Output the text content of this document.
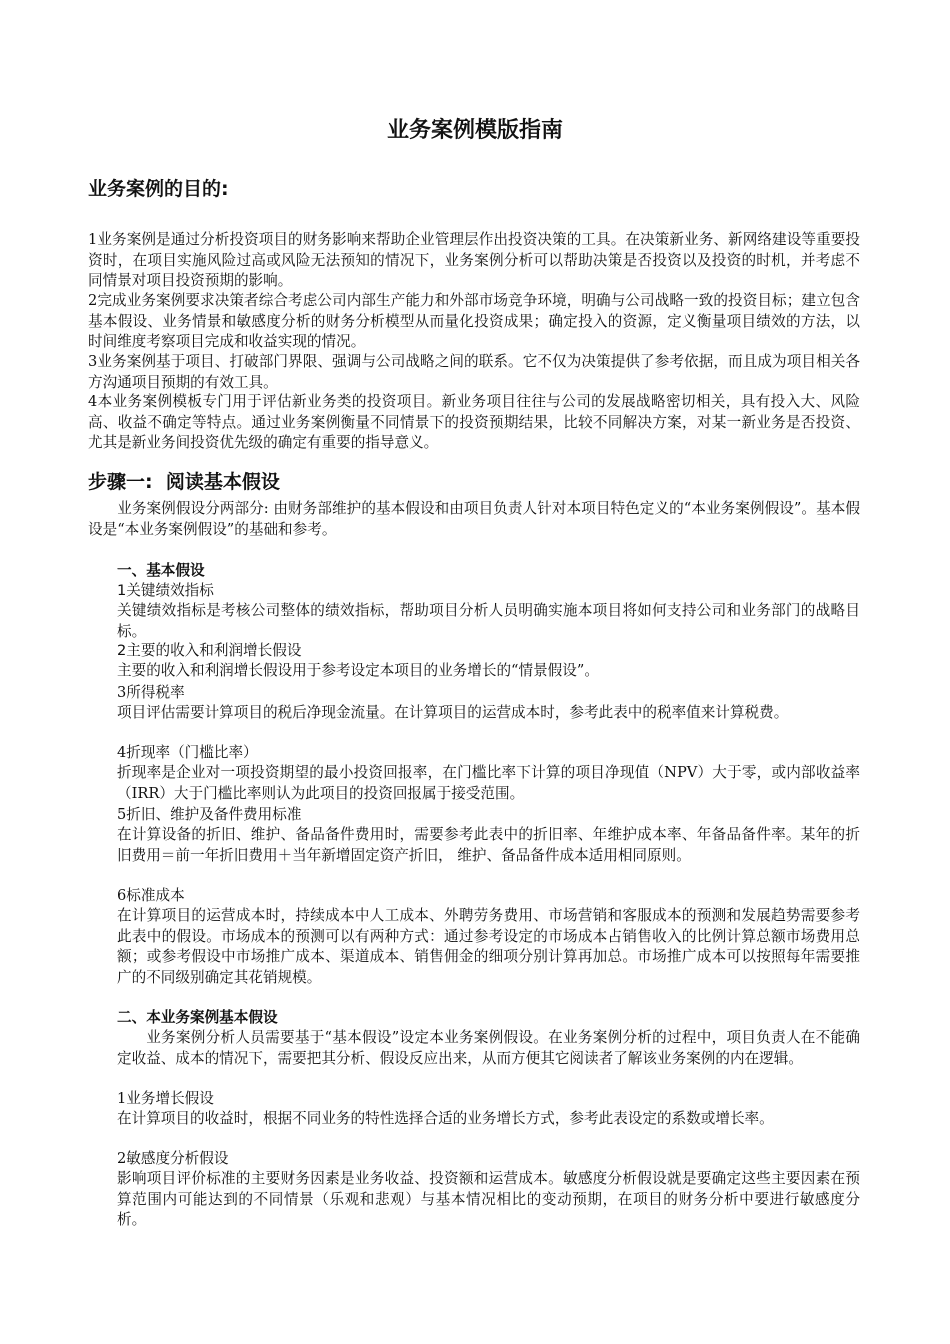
业务案例模版指南
业务案例的目的:
1业务案例是通过分析投资项目的财务影响来帮助企业管理层作出投资决策的工具。在决策新业务、新网络建设等重要投资时，在项目实施风险过高或风险无法预知的情况下，业务案例分析可以帮助决策是否投资以及投资的时机，并考虑不同情景对项目投资预期的影响。
2完成业务案例要求决策者综合考虑公司内部生产能力和外部市场竞争环境，明确与公司战略一致的投资目标；建立包含基本假设、业务情景和敏感度分析的财务分析模型从而量化投资成果；确定投入的资源，定义衡量项目绩效的方法，以时间维度考察项目完成和收益实现的情况。
3业务案例基于项目、打破部门界限、强调与公司战略之间的联系。它不仅为决策提供了参考依据，而且成为项目相关各方沟通项目预期的有效工具。
4本业务案例模板专门用于评估新业务类的投资项目。新业务项目往往与公司的发展战略密切相关，具有投入大、风险高、收益不确定等特点。通过业务案例衡量不同情景下的投资预期结果，比较不同解决方案，对某一新业务是否投资、尤其是新业务间投资优先级的确定有重要的指导意义。
步骤一:  阅读基本假设
业务案例假设分两部分: 由财务部维护的基本假设和由项目负责人针对本项目特色定义的“本业务案例假设”。基本假设是“本业务案例假设”的基础和参考。
一、基本假设
1关键绩效指标
关键绩效指标是考核公司整体的绩效指标，帮助项目分析人员明确实施本项目将如何支持公司和业务部门的战略目标。
2主要的收入和利润增长假设
主要的收入和利润增长假设用于参考设定本项目的业务增长的“情景假设”。
3所得税率
项目评估需要计算项目的税后净现金流量。在计算项目的运营成本时，参考此表中的税率值来计算税费。
4折现率（门槛比率）
折现率是企业对一项投资期望的最小投资回报率，在门槛比率下计算的项目净现值（NPV）大于零，或内部收益率（IRR）大于门槛比率则认为此项目的投资回报属于接受范围。
5折旧、维护及备件费用标准
在计算设备的折旧、维护、备品备件费用时，需要参考此表中的折旧率、年维护成本率、年备品备件率。某年的折旧费用＝前一年折旧费用＋当年新增固定资产折旧， 维护、备品备件成本适用相同原则。
6标准成本
在计算项目的运营成本时，持续成本中人工成本、外聘劳务费用、市场营销和客服成本的预测和发展趋势需要参考此表中的假设。市场成本的预测可以有两种方式：通过参考设定的市场成本占销售收入的比例计算总额市场费用总额；或参考假设中市场推广成本、渠道成本、销售佣金的细项分别计算再加总。市场推广成本可以按照每年需要推广的不同级别确定其花销规模。
二、本业务案例基本假设
业务案例分析人员需要基于“基本假设”设定本业务案例假设。在业务案例分析的过程中，项目负责人在不能确定收益、成本的情况下，需要把其分析、假设反应出来，从而方便其它阅读者了解该业务案例的内在逻辑。
1业务增长假设
在计算项目的收益时，根据不同业务的特性选择合适的业务增长方式，参考此表设定的系数或增长率。
2敏感度分析假设
影响项目评价标准的主要财务因素是业务收益、投资额和运营成本。敏感度分析假设就是要确定这些主要因素在预算范围内可能达到的不同情景（乐观和悲观）与基本情况相比的变动预期，在项目的财务分析中要进行敏感度分析。
